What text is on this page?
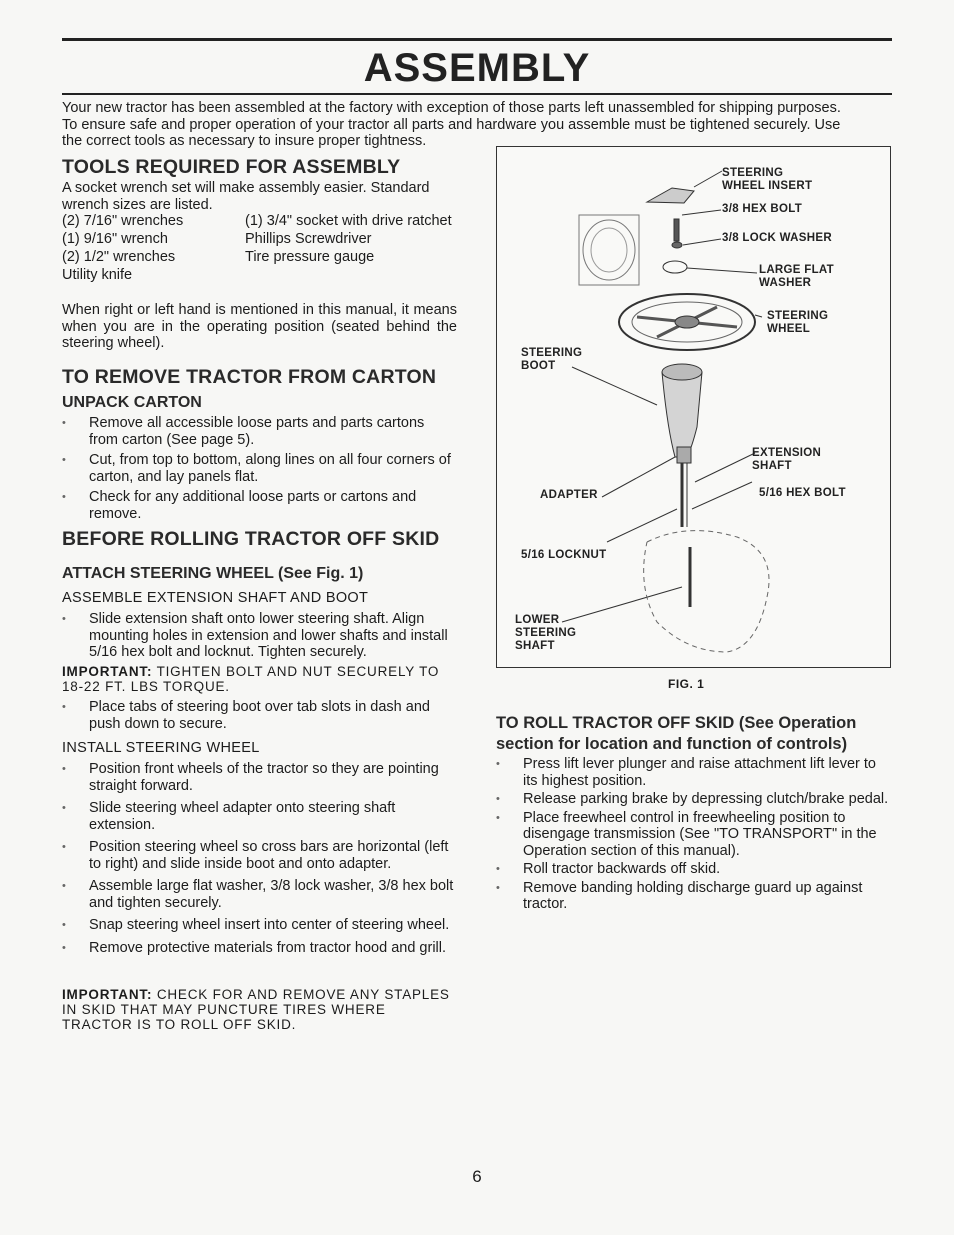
ASSEMBLY

Your new tractor has been assembled at the factory with exception of those parts left unassembled for shipping purposes.

To ensure safe and proper operation of your tractor all parts and hardware you assemble must be tightened securely. Use

the correct tools as necessary to insure proper tightness.

TOOLS REQUIRED FOR ASSEMBLY

A socket wrench set will make assembly easier. Standard wrench sizes are listed.

(2) 7/16" wrenches	(1) 3/4" socket with drive ratchet
(1) 9/16" wrench	Phillips Screwdriver
(2) 1/2" wrenches	Tire pressure gauge
Utility knife

When right or left hand is mentioned in this manual, it means when you are in the operating position (seated behind the steering wheel).

TO REMOVE TRACTOR FROM CARTON
UNPACK CARTON
• Remove all accessible loose parts and parts cartons from carton (See page 5).
• Cut, from top to bottom, along lines on all four corners of carton, and lay panels flat.
• Check for any additional loose parts or cartons and remove.
BEFORE ROLLING TRACTOR OFF SKID
ATTACH STEERING WHEEL (See Fig. 1)

ASSEMBLE EXTENSION SHAFT AND BOOT

• Slide extension shaft onto lower steering shaft. Align mounting holes in extension and lower shafts and install 5/16 hex bolt and locknut. Tighten securely.

IMPORTANT: TIGHTEN BOLT AND NUT SECURELY TO 18-22 FT. LBS TORQUE.

• Place tabs of steering boot over tab slots in dash and push down to secure.

INSTALL STEERING WHEEL

• Position front wheels of the tractor so they are pointing straight forward.
• Slide steering wheel adapter onto steering shaft extension.
• Position steering wheel so cross bars are horizontal (left to right) and slide inside boot and onto adapter.
• Assemble large flat washer, 3/8 lock washer, 3/8 hex bolt and tighten securely.
• Snap steering wheel insert into center of steering wheel.
• Remove protective materials from tractor hood and grill.

IMPORTANT: CHECK FOR AND REMOVE ANY STAPLES IN SKID THAT MAY PUNCTURE TIRES WHERE TRACTOR IS TO ROLL OFF SKID.

STEERING WHEEL INSERT
3/8 HEX BOLT
3/8 LOCK WASHER
LARGE FLAT WASHER
STEERING WHEEL
STEERING BOOT
EXTENSION SHAFT
ADAPTER	5/16 HEX BOLT
5/16 LOCKNUT
LOWER STEERING SHAFT
FIG. 1
TO ROLL TRACTOR OFF SKID (See Operation
section for location and function of controls)
• Press lift lever plunger and raise attachment lift lever to its highest position.
• Release parking brake by depressing clutch/brake pedal.
• Place freewheel control in freewheeling position to disengage transmission (See "TO TRANSPORT" in the Operation section of this manual).
• Roll tractor backwards off skid.
• Remove banding holding discharge guard up against tractor.
6
